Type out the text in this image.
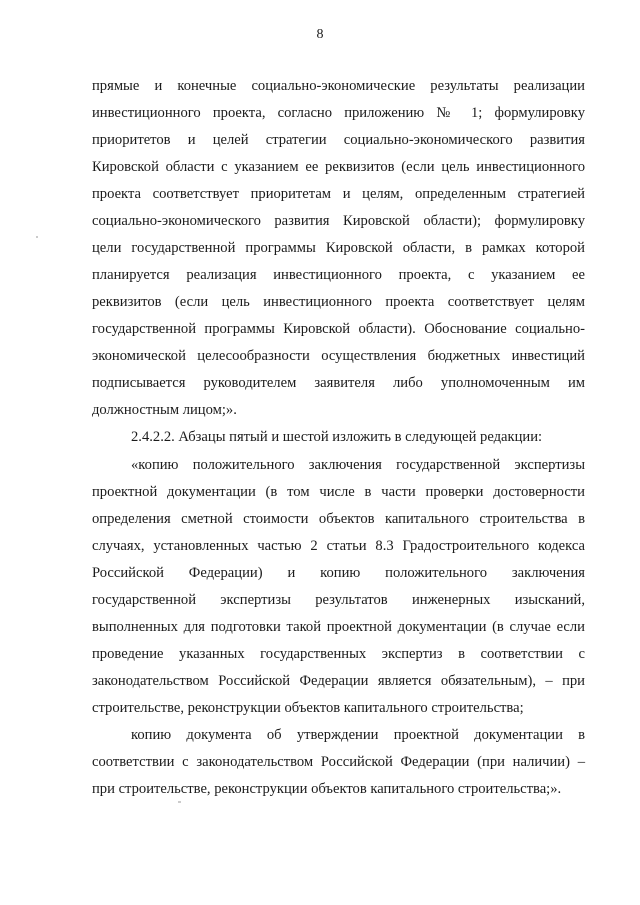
8
прямые и конечные социально-экономические результаты реализации
инвестиционного проекта, согласно приложению № 1; формулировку
приоритетов и целей стратегии социально-экономического развития
Кировской области с указанием ее реквизитов (если цель инвестиционного
проекта соответствует приоритетам и целям, определенным стратегией
социально-экономического развития Кировской области); формулировку
цели государственной программы Кировской области, в рамках которой
планируется реализация инвестиционного проекта, с указанием ее
реквизитов (если цель инвестиционного проекта соответствует целям
государственной программы Кировской области). Обоснование социально-
экономической целесообразности осуществления бюджетных инвестиций
подписывается руководителем заявителя либо уполномоченным им
должностным лицом;».
2.4.2.2. Абзацы пятый и шестой изложить в следующей редакции:
«копию положительного заключения государственной экспертизы
проектной документации (в том числе в части проверки достоверности
определения сметной стоимости объектов капитального строительства в
случаях, установленных частью 2 статьи 8.3 Градостроительного кодекса
Российской Федерации) и копию положительного заключения
государственной экспертизы результатов инженерных изысканий,
выполненных для подготовки такой проектной документации (в случае если
проведение указанных государственных экспертиз в соответствии с
законодательством Российской Федерации является обязательным), – при
строительстве, реконструкции объектов капитального строительства;
копию документа об утверждении проектной документации в
соответствии с законодательством Российской Федерации (при наличии) –
при строительстве, реконструкции объектов капитального строительства;».
